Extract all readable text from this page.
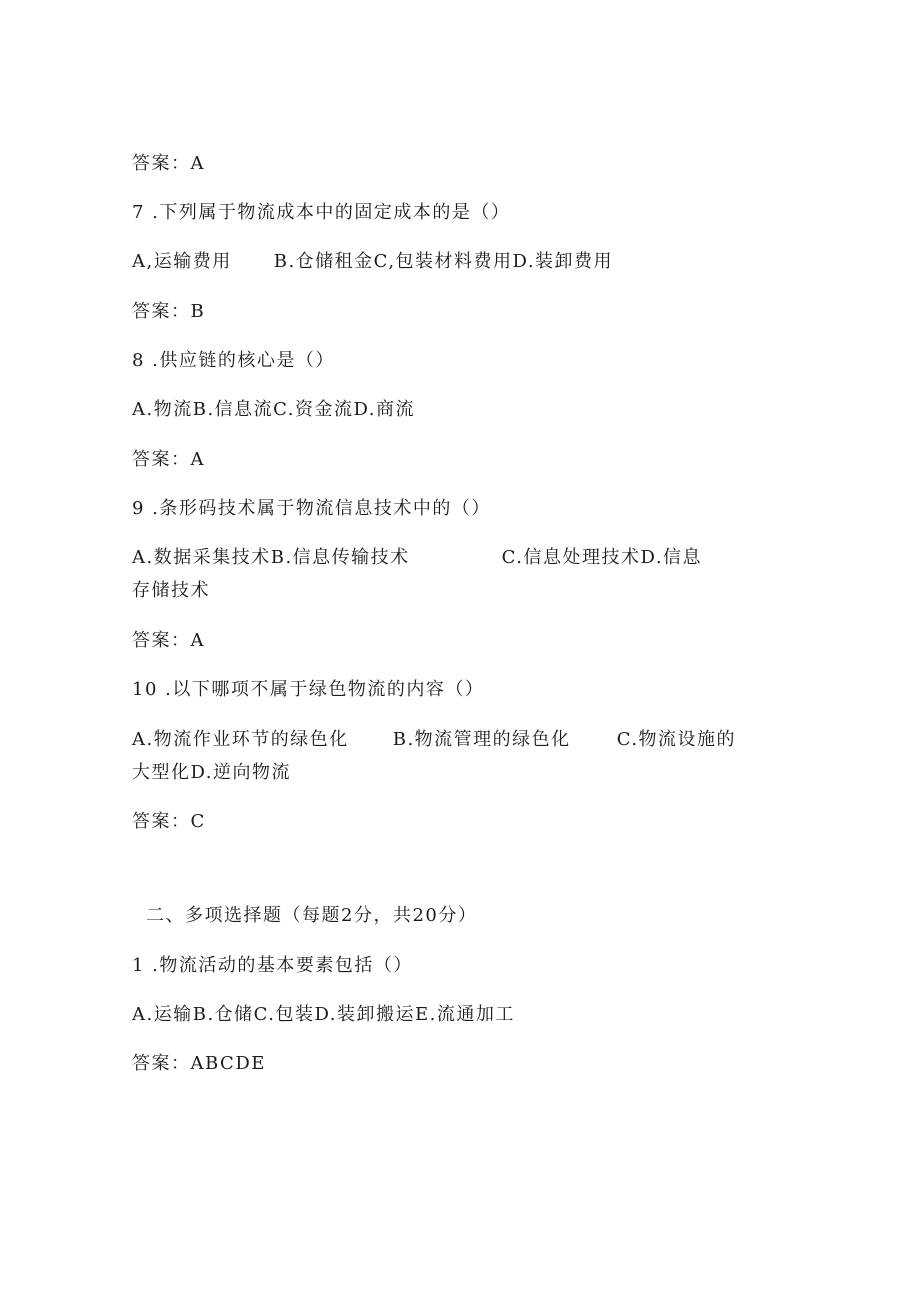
答案：A
7 .下列属于物流成本中的固定成本的是（）
A,运输费用 B.仓储租金C,包装材料费用D.装卸费用
答案：B
8 .供应链的核心是（）
A.物流B.信息流C.资金流D.商流
答案：A
9 .条形码技术属于物流信息技术中的（）
A.数据采集技术B.信息传输技术	C.信息处理技术D.信息
存储技术
答案：A
10 .以下哪项不属于绿色物流的内容（）
A.物流作业环节的绿色化 B.物流管理的绿色化	C.物流设施的
大型化D.逆向物流
答案：C
二、多项选择题（每题2分，共20分）
1 .物流活动的基本要素包括（）
A.运输B.仓储C.包装D.装卸搬运E.流通加工
答案：ABCDE
